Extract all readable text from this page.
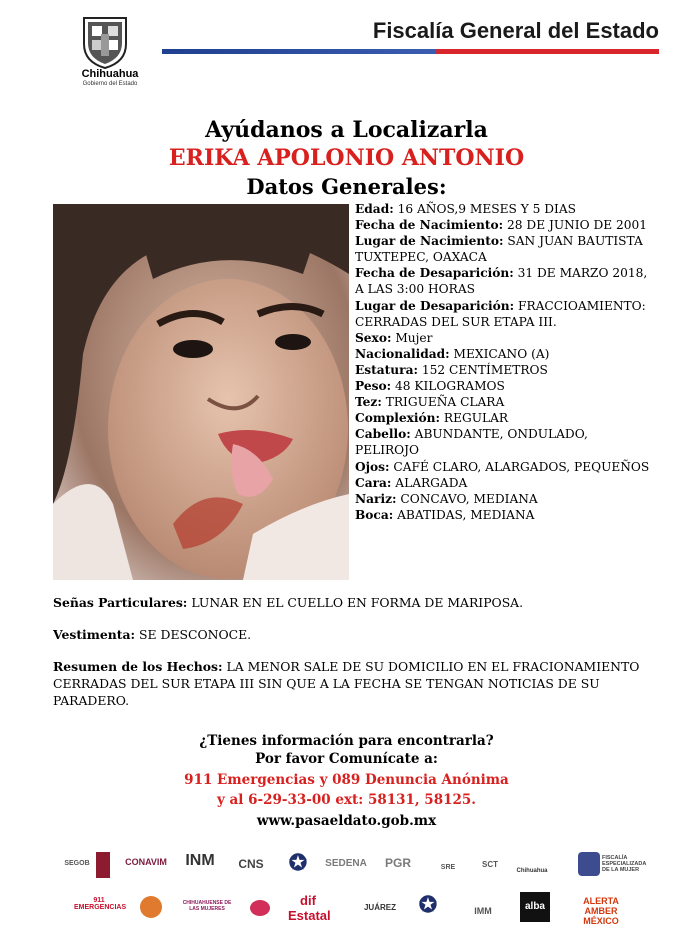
Chihuahua
Gobierno del Estado
Fiscalía General del Estado
Ayúdanos a Localizarla
ERIKA APOLONIO ANTONIO
Datos Generales:

Edad: 16 AÑOS,9 MESES Y 5 DIAS

Fecha de Nacimiento: 28 DE JUNIO DE 2001

Lugar de Nacimiento: SAN JUAN BAUTISTA TUXTEPEC, OAXACA

Fecha de Desaparición: 31 DE MARZO 2018, A LAS 3:00 HORAS

Lugar de Desaparición: FRACCIOAMIENTO: CERRADAS DEL SUR ETAPA III.

Sexo: Mujer

Nacionalidad: MEXICANO (A)

Estatura: 152 CENTÍMETROS

Peso: 48 KILOGRAMOS

Tez: TRIGUEÑA CLARA

Complexión: REGULAR

Cabello: ABUNDANTE, ONDULADO, PELIROJO

Ojos: CAFÉ CLARO, ALARGADOS, PEQUEÑOS

Cara: ALARGADA

Nariz: CONCAVO, MEDIANA

Boca: ABATIDAS, MEDIANA

Señas Particulares: LUNAR EN EL CUELLO EN FORMA DE MARIPOSA.
Vestimenta: SE DESCONOCE.
Resumen de los Hechos: LA MENOR SALE DE SU DOMICILIO EN EL FRACIONAMIENTO CERRADAS DEL SUR ETAPA III SIN QUE A LA FECHA SE TENGAN NOTICIAS DE SU PARADERO.
¿Tienes información para encontrarla?
Por favor Comunícate a:
911 Emergencias y 089 Denuncia Anónima
y al 6-29-33-00 ext: 58131, 58125.
www.pasaeldato.gob.mx
SEGOB	CONAVIM	INM	CNS ✪	SEDENA	PGR	SRE	SCT
Chihuahua
FISCALÍA ESPECIALIZADA DE LA MUJER
911 EMERGENCIAS
CHIHUAHUENSE DE LAS MUJERES
dif Estatal
JUÁREZ ✪	IMM	alba	ALERTA AMBER MÉXICO
